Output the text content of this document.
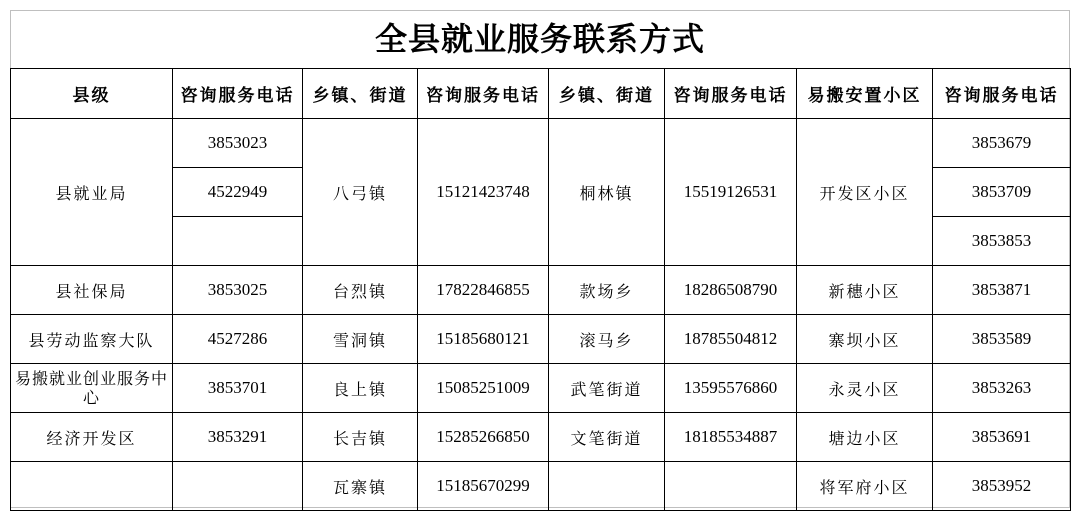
全县就业服务联系方式
县级	咨询服务电话	乡镇、街道	咨询服务电话	乡镇、街道	咨询服务电话	易搬安置小区	咨询服务电话
县就业局	3853023	八弓镇	15121423748	桐林镇	15519126531	开发区小区	3853679
	4522949						3853709
							3853853
县社保局	3853025	台烈镇	17822846855	款场乡	18286508790	新穗小区	3853871
县劳动监察大队	4527286	雪洞镇	15185680121	滚马乡	18785504812	寨坝小区	3853589
易搬就业创业服务中心	3853701	良上镇	15085251009	武笔街道	13595576860	永灵小区	3853263
经济开发区	3853291	长吉镇	15285266850	文笔街道	18185534887	塘边小区	3853691
		瓦寨镇	15185670299			将军府小区	3853952
